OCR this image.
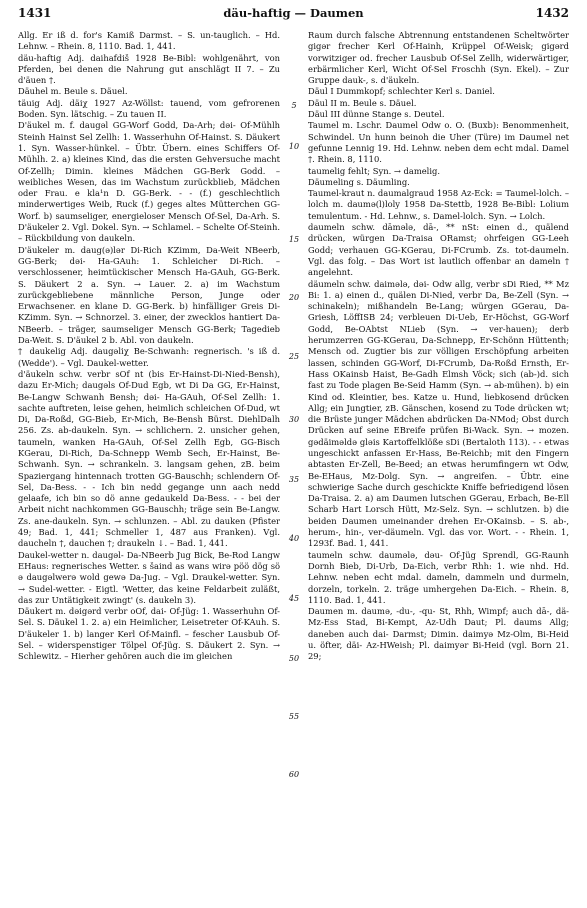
1431	däu-haftig — Daumen	1432

Allg. Er iß d. for's Kamiß Darmst. – S. un-tauglich. – Hd. Lehnw. – Rhein. 8, 1110. Bad. 1, 441.

däu-haftig Adj. daihafdiš 1928 Be-Bibl: wohlgenährt, von Pferden, bei denen die Nahrung gut anschlägt II 7. – Zu d'äuen †.

Däuhel m. Beule s. Däuel.

täuig Adj. däiχ 1927 Az-Wöllst: tauend, vom gefrorenen Boden. Syn. lätschig. – Zu tauen II.

D'äukel m. f. daugəl GG-Worf Godd, Da-Arh; dəi- Of-Mühlh Steinh Hainst Sel Zellh: 1. Wasserhuhn Of-Hainst. S. Däukert 1. Syn. Wasser-hünkel. – Übtr. Übern. eines Schiffers Of-Mühlh. 2. a) kleines Kind, das die ersten Gehversuche macht Of-Zellh; Dimin. kleines Mädchen GG-Berk Godd. – weibliches Wesen, das im Wachstum zurückblieb, Mädchen oder Frau. e kla¹n D. GG-Berk. - - (f.) geschlechtlich minderwertiges Weib, Ruck (f.) geges altes Mütterchen GG-Worf. b) saumseliger, energieloser Mensch Of-Sel, Da-Arh. S. D'äukeler 2. Vgl. Dokel. Syn. → Schlamel. – Schelte Of-Steinh. – Rückbildung von daukeln.

D'äukeler m. daug(ə)lər Di-Rich KZimm, Da-Weit NBeerb, GG-Berk; dəi- Ha-GAuh: 1. Schleicher Di-Rich. – verschlossener, heimtückischer Mensch Ha-GAuh, GG-Berk. S. Däukert 2 a. Syn. → Lauer. 2. a) im Wachstum zurückgebliebene männliche Person, Junge oder Erwachsener. en klane D. GG-Berk. b) hinfälliger Greis Di-KZimm. Syn. → Schnorzel. 3. einer, der zwecklos hantiert Da-NBeerb. – träger, saumseliger Mensch GG-Berk; Tagedieb Da-Weit. S. D'äukel 2 b. Abl. von daukeln.

† daukelig Adj. daugəliχ Be-Schwanh: regnerisch. 's iß d. (Wedde'). – Vgl. Daukel-wetter.

d'äukeln schw. verbr sOf nt (bis Er-Hainst-Di-Nied-Bensh), dazu Er-Mich; daugəls Of-Dud Egb, wt Di Da GG, Er-Hainst, Be-Langw Schwanh Bensh; dəi- Ha-GAuh, Of-Sel Zellh: 1. sachte auftreten, leise gehen, heimlich schleichen Of-Dud, wt Di, Da-Roßd, GG-Bieb, Er-Mich, Be-Bensh Bürst. DiehlDalh 256. Zs. ab-daukeln. Syn. → schlichern. 2. unsicher gehen, taumeln, wanken Ha-GAuh, Of-Sel Zellh Egb, GG-Bisch KGerau, Di-Rich, Da-Schnepp Wemb Sech, Er-Hainst, Be-Schwanh. Syn. → schrankeln. 3. langsam gehen, zB. beim Spaziergang hintennach trotten GG-Bauschh; schlendern Of-Sel, Da-Bess. - - Ich bin nedd gegange unn aach nedd gelaafe, ich bin so dö anne gedaukeld Da-Bess. - - bei der Arbeit nicht nachkommen GG-Bauschh; träge sein Be-Langw. Zs. ane-daukeln. Syn. → schlunzen. – Abl. zu dauken (Pfister 49; Bad. 1, 441; Schmeller 1, 487 aus Franken). Vgl. daucheln †, dauchen †; draukeln ↓. – Bad. 1, 441.

Daukel-wetter n. daugəl- Da-NBeerb Jug Bick, Be-Rod Langw EHaus: regnerisches Wetter. s šaind as wans wirə pöö dög sö ə daugəlwerə wold gewə Da-Jug. – Vgl. Draukel-wetter. Syn. → Sudel-wetter. - Eigtl. 'Wetter, das keine Feldarbeit zuläßt, das zur Untätigkeit zwingt' (s. daukeln 3).

Däukert m. dəigərd verbr oOf, dai- Of-Jüg: 1. Wasserhuhn Of-Sel. S. Däukel 1. 2. a) ein Heimlicher, Leisetreter Of-KAuh. S. D'äukeler 1. b) langer Kerl Of-Mainfl. – fescher Lausbub Of-Sel. – widerspenstiger Tölpel Of-Jüg. S. Däukert 2. Syn. → Schlewitz. – Hierher gehören auch die im gleichen

5
10
15
20
25
30
35
40
45
50
55
60

Raum durch falsche Abtrennung entstandenen Scheltwörter gigər frecher Kerl Of-Hainh, Krüppel Of-Weisk; gigərd vorwitziger od. frecher Lausbub Of-Sel Zellh, widerwärtiger, erbärmlicher Kerl, Wicht Of-Sel Froschh (Syn. Ekel). – Zur Gruppe dauk-, s. d'äukeln.

Däul I Dummkopf; schlechter Kerl s. Daniel.

Däul II m. Beule s. Däuel.

Däul III dünne Stange s. Deutel.

Taumel m. Lschr. Daumel Odw o. O. (Buxb): Benommenheit, Schwindel. Un hunn beinoh die Uher (Türe) im Daumel net gefunne Lennig 19. Hd. Lehnw. neben dem echt mdal. Damel †. Rhein. 8, 1110.

taumelig fehlt; Syn. → damelig.

Däumeling s. Däumling.

Taumel-kraut n. daumalgraud 1958 Az-Eck: = Taumel-lolch. –lolch m. daumə(l)loly 1958 Da-Stettb, 1928 Be-Bibl: Lolium temulentum. - Hd. Lehnw., s. Damel-lolch. Syn. → Lolch.

daumeln schw. dāmələ, dā-, ** nSt: einen d., quälend drücken, würgen Da-Traisa ORamst; ohrfeigen GG-Leeh Godd; verhauen GG-KGerau, Di-FCrumb. Zs. tot-daumeln. Vgl. das folg. – Das Wort ist lautlich offenbar an dameln † angelehnt.

däumeln schw. daimələ, dəi- Odw allg, verbr sDi Ried, ** Mz Bi: 1. a) einen d., quälen Di-Nied, verbr Da, Be-Zell (Syn. → schinakeln); mißhandeln Be-Lang; würgen GGerau, Da-Griesh, LöffISB 24; verbleuen Di-Ueb, Er-Höchst, GG-Worf Godd, Be-OAbtst NLieb (Syn. → ver-hauen); derb herumzerren GG-KGerau, Da-Schnepp, Er-Schönn Hüttenth; Mensch od. Zugtier bis zur völligen Erschöpfung arbeiten lassen, schinden GG-Worf, Di-FCrumb, Da-Roßd Ernsth, Er-Hass OKainsb Haist, Be-Gadh Elmsh Vöck; sich (ab-)d. sich fast zu Tode plagen Be-Seid Hamm (Syn. → ab-mühen). b) ein Kind od. Kleintier, bes. Katze u. Hund, liebkosend drücken Allg; ein Jungtier, zB. Gänschen, kosend zu Tode drücken wt; die Brüste junger Mädchen abdrücken Da-NMod; Obst durch Drücken auf seine EBreife prüfen Bi-Wack. Syn. → mozen. gədäiməldə gləis Kartoffelklöße sDi (Bertaloth 113). - - etwas ungeschickt anfassen Er-Hass, Be-Reichb; mit den Fingern abtasten Er-Zell, Be-Beed; an etwas herumfingern wt Odw, Be-EHaus, Mz-Dolg. Syn. → angreifen. – Übtr. eine schwierige Sache durch geschickte Kniffe befriedigend lösen Da-Traisa. 2. a) am Daumen lutschen GGerau, Erbach, Be-Ell Scharb Hart Lorsch Hütt, Mz-Selz. Syn. → schlutzen. b) die beiden Daumen umeinander drehen Er-OKainsb. – S. ab-, herum-, hin-, ver-däumeln. Vgl. das vor. Wort. - - Rhein. 1, 1293f. Bad. 1, 441.

taumeln schw. daumələ, dəu- Of-Jüg Sprendl, GG-Raunh Dornh Bieb, Di-Urb, Da-Eich, verbr Rhh: 1. wie nhd. Hd. Lehnw. neben echt mdal. dameln, dammeln und durmeln, dorzeln, torkeln. 2. träge umhergehen Da-Eich. – Rhein. 8, 1110. Bad. 1, 441.

Daumen m. daumə, -du-, -qu- St, Rhh, Wimpf; auch dā-, dä- Mz-Ess Stad, Bi-Kempt, Az-Udh Daut; Pl. daums Allg; daneben auch dai- Darmst; Dimin. daimyə Mz-Olm, Bi-Heid u. öfter, däi- Az-HWeish; Pl. daimyər Bi-Heid (vgl. Born 21. 29;
